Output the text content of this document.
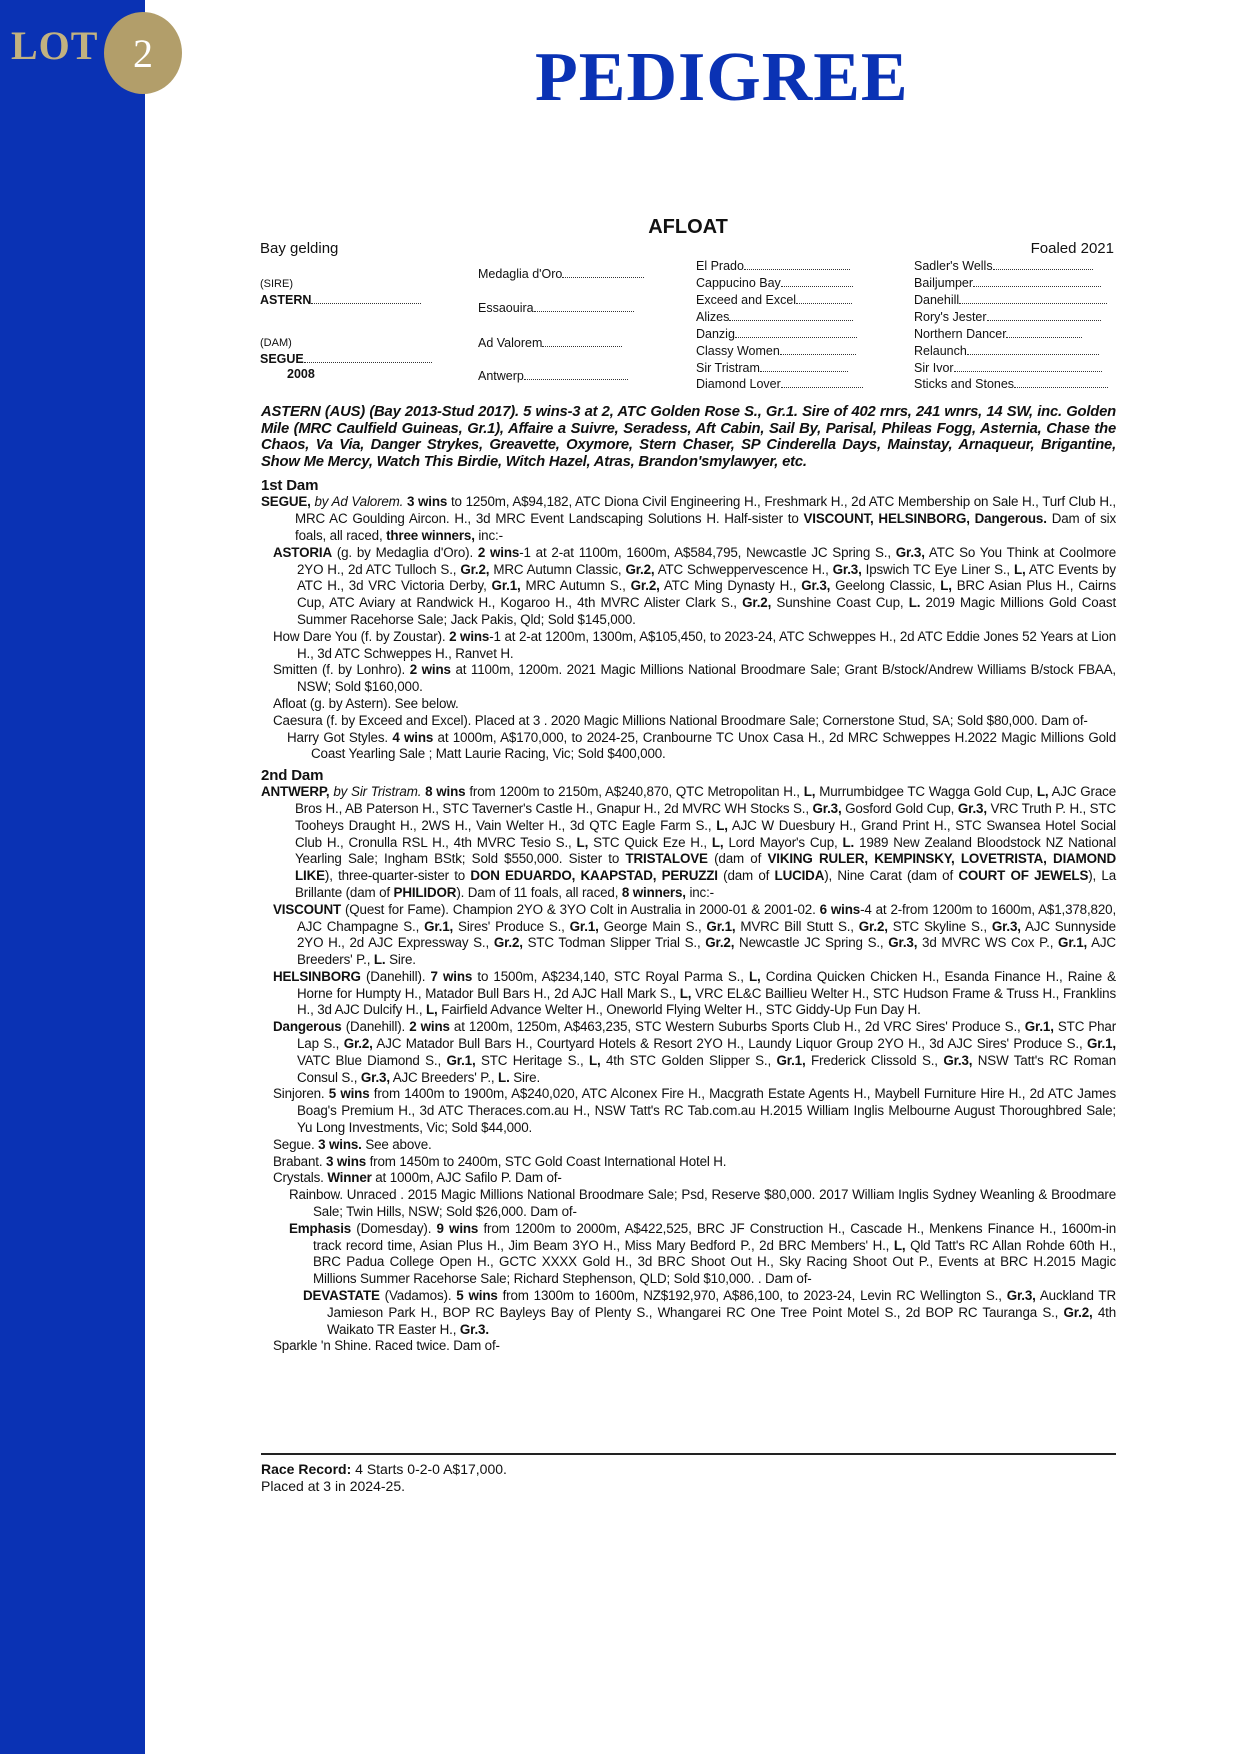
LOT 2	PEDIGREE
AFLOAT
Bay gelding	Foaled 2021
(SIRE)
ASTERN
(DAM)
SEGUE
2008
Medaglia d'Oro
Essaouira
Ad Valorem
Antwerp
El Prado
Cappucino Bay
Exceed and Excel
Alizes
Danzig
Classy Women
Sir Tristram
Diamond Lover
Sadler's Wells
Bailjumper
Danehill
Rory's Jester
Northern Dancer
Relaunch
Sir Ivor
Sticks and Stones
ASTERN (AUS) (Bay 2013-Stud 2017). 5 wins-3 at 2, ATC Golden Rose S., Gr.1. Sire of 402 rnrs, 241 wnrs, 14 SW, inc. Golden Mile (MRC Caulfield Guineas, Gr.1), Affaire a Suivre, Seradess, Aft Cabin, Sail By, Parisal, Phileas Fogg, Asternia, Chase the Chaos, Va Via, Danger Strykes, Greavette, Oxymore, Stern Chaser, SP Cinderella Days, Mainstay, Arnaqueur, Brigantine, Show Me Mercy, Watch This Birdie, Witch Hazel, Atras, Brandon'smylawyer, etc.
1st Dam
SEGUE, by Ad Valorem. 3 wins to 1250m, A$94,182, ATC Diona Civil Engineering H., Freshmark H., 2d ATC Membership on Sale H., Turf Club H., MRC AC Goulding Aircon. H., 3d MRC Event Landscaping Solutions H. Half-sister to VISCOUNT, HELSINBORG, Dangerous. Dam of six foals, all raced, three winners, inc:-
ASTORIA (g. by Medaglia d'Oro). 2 wins-1 at 2-at 1100m, 1600m, A$584,795, Newcastle JC Spring S., Gr.3, ATC So You Think at Coolmore 2YO H., 2d ATC Tulloch S., Gr.2, MRC Autumn Classic, Gr.2, ATC Schweppervescence H., Gr.3, Ipswich TC Eye Liner S., L, ATC Events by ATC H., 3d VRC Victoria Derby, Gr.1, MRC Autumn S., Gr.2, ATC Ming Dynasty H., Gr.3, Geelong Classic, L, BRC Asian Plus H., Cairns Cup, ATC Aviary at Randwick H., Kogaroo H., 4th MVRC Alister Clark S., Gr.2, Sunshine Coast Cup, L. 2019 Magic Millions Gold Coast Summer Racehorse Sale; Jack Pakis, Qld; Sold $145,000.
How Dare You (f. by Zoustar). 2 wins-1 at 2-at 1200m, 1300m, A$105,450, to 2023-24, ATC Schweppes H., 2d ATC Eddie Jones 52 Years at Lion H., 3d ATC Schweppes H., Ranvet H.
Smitten (f. by Lonhro). 2 wins at 1100m, 1200m. 2021 Magic Millions National Broodmare Sale; Grant B/stock/Andrew Williams B/stock FBAA, NSW; Sold $160,000.
Afloat (g. by Astern). See below.
Caesura (f. by Exceed and Excel). Placed at 3 . 2020 Magic Millions National Broodmare Sale; Cornerstone Stud, SA; Sold $80,000. Dam of-
Harry Got Styles. 4 wins at 1000m, A$170,000, to 2024-25, Cranbourne TC Unox Casa H., 2d MRC Schweppes H.2022 Magic Millions Gold Coast Yearling Sale ; Matt Laurie Racing, Vic; Sold $400,000.
2nd Dam
ANTWERP, by Sir Tristram. 8 wins from 1200m to 2150m, A$240,870, QTC Metropolitan H., L, Murrumbidgee TC Wagga Gold Cup, L, AJC Grace Bros H., AB Paterson H., STC Taverner's Castle H., Gnapur H., 2d MVRC WH Stocks S., Gr.3, Gosford Gold Cup, Gr.3, VRC Truth P. H., STC Tooheys Draught H., 2WS H., Vain Welter H., 3d QTC Eagle Farm S., L, AJC W Duesbury H., Grand Print H., STC Swansea Hotel Social Club H., Cronulla RSL H., 4th MVRC Tesio S., L, STC Quick Eze H., L, Lord Mayor's Cup, L. 1989 New Zealand Bloodstock NZ National Yearling Sale; Ingham BStk; Sold $550,000. Sister to TRISTALOVE (dam of VIKING RULER, KEMPINSKY, LOVETRISTA, DIAMOND LIKE), three-quarter-sister to DON EDUARDO, KAAPSTAD, PERUZZI (dam of LUCIDA), Nine Carat (dam of COURT OF JEWELS), La Brillante (dam of PHILIDOR). Dam of 11 foals, all raced, 8 winners, inc:-
VISCOUNT (Quest for Fame). Champion 2YO & 3YO Colt in Australia in 2000-01 & 2001-02. 6 wins-4 at 2-from 1200m to 1600m, A$1,378,820, AJC Champagne S., Gr.1, Sires' Produce S., Gr.1, George Main S., Gr.1, MVRC Bill Stutt S., Gr.2, STC Skyline S., Gr.3, AJC Sunnyside 2YO H., 2d AJC Expressway S., Gr.2, STC Todman Slipper Trial S., Gr.2, Newcastle JC Spring S., Gr.3, 3d MVRC WS Cox P., Gr.1, AJC Breeders' P., L. Sire.
HELSINBORG (Danehill). 7 wins to 1500m, A$234,140, STC Royal Parma S., L, Cordina Quicken Chicken H., Esanda Finance H., Raine & Horne for Humpty H., Matador Bull Bars H., 2d AJC Hall Mark S., L, VRC EL&C Baillieu Welter H., STC Hudson Frame & Truss H., Franklins H., 3d AJC Dulcify H., L, Fairfield Advance Welter H., Oneworld Flying Welter H., STC Giddy-Up Fun Day H.
Dangerous (Danehill). 2 wins at 1200m, 1250m, A$463,235, STC Western Suburbs Sports Club H., 2d VRC Sires' Produce S., Gr.1, STC Phar Lap S., Gr.2, AJC Matador Bull Bars H., Courtyard Hotels & Resort 2YO H., Laundy Liquor Group 2YO H., 3d AJC Sires' Produce S., Gr.1, VATC Blue Diamond S., Gr.1, STC Heritage S., L, 4th STC Golden Slipper S., Gr.1, Frederick Clissold S., Gr.3, NSW Tatt's RC Roman Consul S., Gr.3, AJC Breeders' P., L. Sire.
Sinjoren. 5 wins from 1400m to 1900m, A$240,020, ATC Alconex Fire H., Macgrath Estate Agents H., Maybell Furniture Hire H., 2d ATC James Boag's Premium H., 3d ATC Theraces.com.au H., NSW Tatt's RC Tab.com.au H.2015 William Inglis Melbourne August Thoroughbred Sale; Yu Long Investments, Vic; Sold $44,000.
Segue. 3 wins. See above.
Brabant. 3 wins from 1450m to 2400m, STC Gold Coast International Hotel H.
Crystals. Winner at 1000m, AJC Safilo P. Dam of-
Rainbow. Unraced . 2015 Magic Millions National Broodmare Sale; Psd, Reserve $80,000. 2017 William Inglis Sydney Weanling & Broodmare Sale; Twin Hills, NSW; Sold $26,000. Dam of-
Emphasis (Domesday). 9 wins from 1200m to 2000m, A$422,525, BRC JF Construction H., Cascade H., Menkens Finance H., 1600m-in track record time, Asian Plus H., Jim Beam 3YO H., Miss Mary Bedford P., 2d BRC Members' H., L, Qld Tatt's RC Allan Rohde 60th H., BRC Padua College Open H., GCTC XXXX Gold H., 3d BRC Shoot Out H., Sky Racing Shoot Out P., Events at BRC H.2015 Magic Millions Summer Racehorse Sale; Richard Stephenson, QLD; Sold $10,000. . Dam of-
DEVASTATE (Vadamos). 5 wins from 1300m to 1600m, NZ$192,970, A$86,100, to 2023-24, Levin RC Wellington S., Gr.3, Auckland TR Jamieson Park H., BOP RC Bayleys Bay of Plenty S., Whangarei RC One Tree Point Motel S., 2d BOP RC Tauranga S., Gr.2, 4th Waikato TR Easter H., Gr.3.
Sparkle 'n Shine. Raced twice. Dam of-
Race Record: 4 Starts 0-2-0 A$17,000.
Placed at 3 in 2024-25.
